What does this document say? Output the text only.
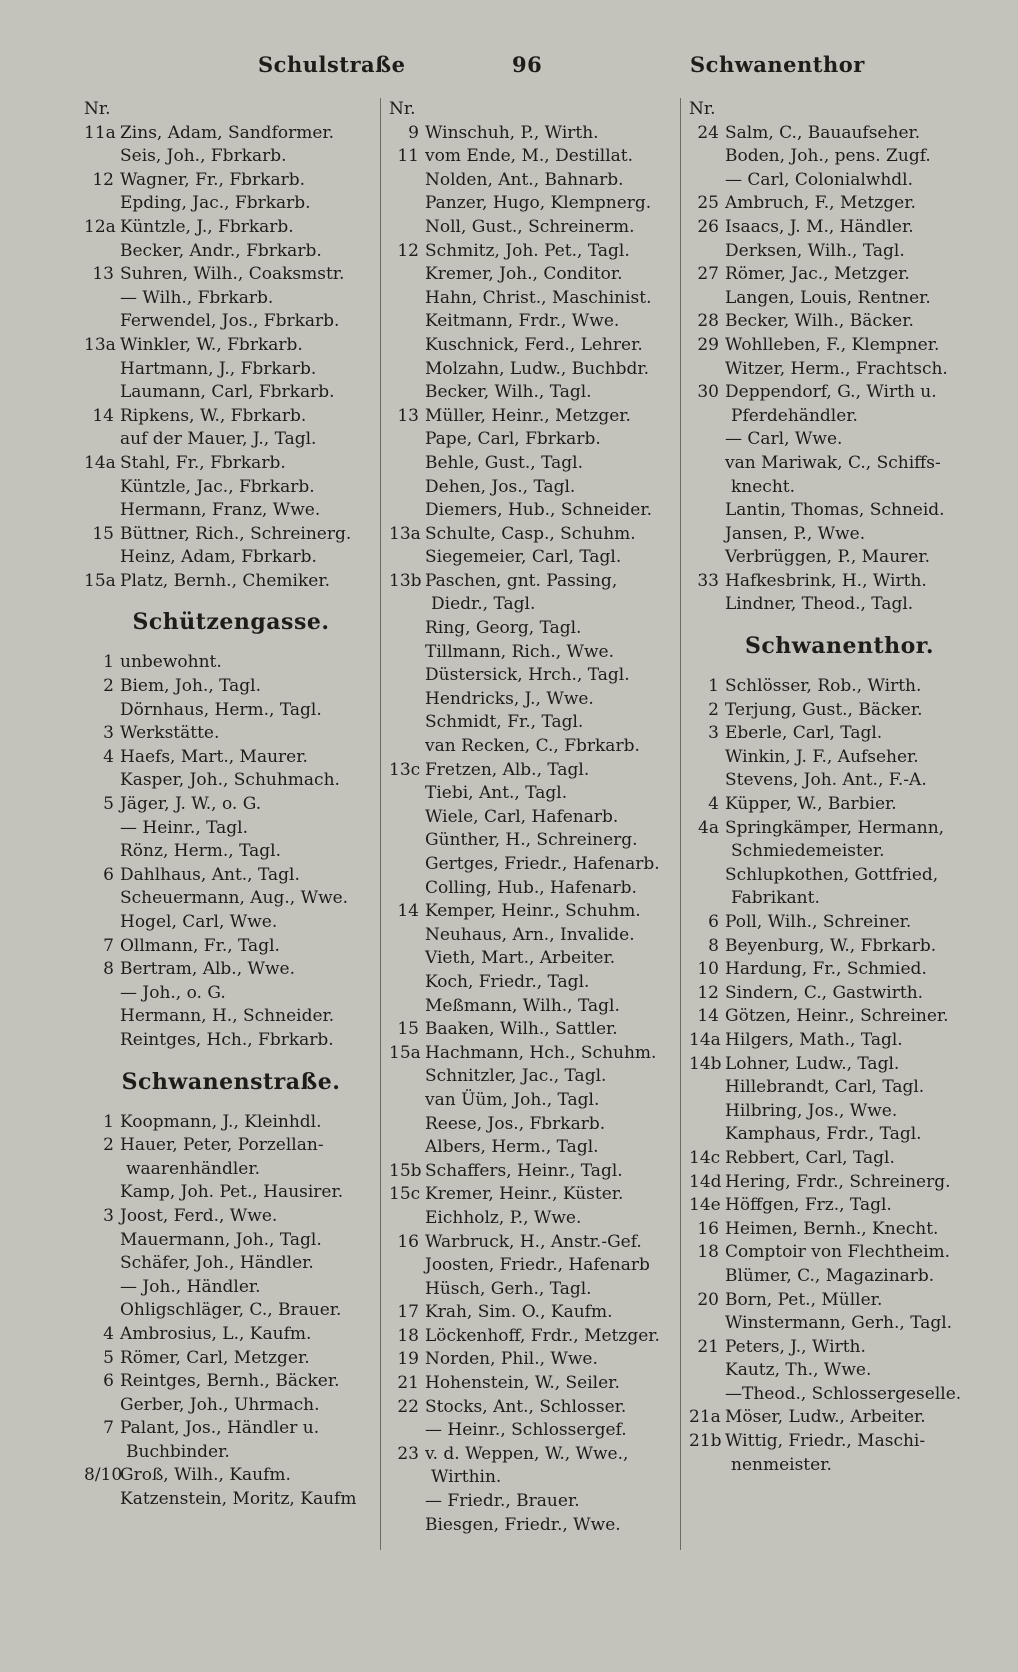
Schulstraße	96	Schwanenthor
Nr.
11a Zins, Adam, Sandformer.
Seis, Joh., Fbrkarb.
12 Wagner, Fr., Fbrkarb.
Epding, Jac., Fbrkarb.
12a Küntzle, J., Fbrkarb.
Becker, Andr., Fbrkarb.
13 Suhren, Wilh., Coaksmstr.
— Wilh., Fbrkarb.
Ferwendel, Jos., Fbrkarb.
13a Winkler, W., Fbrkarb.
Hartmann, J., Fbrkarb.
Laumann, Carl, Fbrkarb.
14 Ripkens, W., Fbrkarb.
auf der Mauer, J., Tagl.
14a Stahl, Fr., Fbrkarb.
Küntzle, Jac., Fbrkarb.
Hermann, Franz, Wwe.
15 Büttner, Rich., Schreinerg.
Heinz, Adam, Fbrkarb.
15a Platz, Bernh., Chemiker.
Schützengasse.
1 unbewohnt.
2 Biem, Joh., Tagl.
Dörnhaus, Herm., Tagl.
3 Werkstätte.
4 Haefs, Mart., Maurer.
Kasper, Joh., Schuhmach.
5 Jäger, J. W., o. G.
— Heinr., Tagl.
Rönz, Herm., Tagl.
6 Dahlhaus, Ant., Tagl.
Scheuermann, Aug., Wwe.
Hogel, Carl, Wwe.
7 Ollmann, Fr., Tagl.
8 Bertram, Alb., Wwe.
— Joh., o. G.
Hermann, H., Schneider.
Reintges, Hch., Fbrkarb.
Schwanenstraße.
1 Koopmann, J., Kleinhdl.
2 Hauer, Peter, Porzellan-
waarenhändler.
Kamp, Joh. Pet., Hausirer.
3 Joost, Ferd., Wwe.
Mauermann, Joh., Tagl.
Schäfer, Joh., Händler.
— Joh., Händler.
Ohligschläger, C., Brauer.
4 Ambrosius, L., Kaufm.
5 Römer, Carl, Metzger.
6 Reintges, Bernh., Bäcker.
Gerber, Joh., Uhrmach.
7 Palant, Jos., Händler u.
Buchbinder.
8/10Groß, Wilh., Kaufm.
Katzenstein, Moritz, Kaufm
Nr.
9 Winschuh, P., Wirth.
11 vom Ende, M., Destillat.
Nolden, Ant., Bahnarb.
Panzer, Hugo, Klempnerg.
Noll, Gust., Schreinerm.
12 Schmitz, Joh. Pet., Tagl.
Kremer, Joh., Conditor.
Hahn, Christ., Maschinist.
Keitmann, Frdr., Wwe.
Kuschnick, Ferd., Lehrer.
Molzahn, Ludw., Buchbdr.
Becker, Wilh., Tagl.
13 Müller, Heinr., Metzger.
Pape, Carl, Fbrkarb.
Behle, Gust., Tagl.
Dehen, Jos., Tagl.
Diemers, Hub., Schneider.
13a Schulte, Casp., Schuhm.
Siegemeier, Carl, Tagl.
13b Paschen, gnt. Passing,
Diedr., Tagl.
Ring, Georg, Tagl.
Tillmann, Rich., Wwe.
Düstersick, Hrch., Tagl.
Hendricks, J., Wwe.
Schmidt, Fr., Tagl.
van Recken, C., Fbrkarb.
13c Fretzen, Alb., Tagl.
Tiebi, Ant., Tagl.
Wiele, Carl, Hafenarb.
Günther, H., Schreinerg.
Gertges, Friedr., Hafenarb.
Colling, Hub., Hafenarb.
14 Kemper, Heinr., Schuhm.
Neuhaus, Arn., Invalide.
Vieth, Mart., Arbeiter.
Koch, Friedr., Tagl.
Meßmann, Wilh., Tagl.
15 Baaken, Wilh., Sattler.
15a Hachmann, Hch., Schuhm.
Schnitzler, Jac., Tagl.
van Üüm, Joh., Tagl.
Reese, Jos., Fbrkarb.
Albers, Herm., Tagl.
15b Schaffers, Heinr., Tagl.
15c Kremer, Heinr., Küster.
Eichholz, P., Wwe.
16 Warbruck, H., Anstr.-Gef.
Joosten, Friedr., Hafenarb
Hüsch, Gerh., Tagl.
17 Krah, Sim. O., Kaufm.
18 Löckenhoff, Frdr., Metzger.
19 Norden, Phil., Wwe.
21 Hohenstein, W., Seiler.
22 Stocks, Ant., Schlosser.
— Heinr., Schlossergef.
23 v. d. Weppen, W., Wwe.,
Wirthin.
— Friedr., Brauer.
Biesgen, Friedr., Wwe.
Nr.
24 Salm, C., Bauaufseher.
Boden, Joh., pens. Zugf.
— Carl, Colonialwhdl.
25 Ambruch, F., Metzger.
26 Isaacs, J. M., Händler.
Derksen, Wilh., Tagl.
27 Römer, Jac., Metzger.
Langen, Louis, Rentner.
28 Becker, Wilh., Bäcker.
29 Wohlleben, F., Klempner.
Witzer, Herm., Frachtsch.
30 Deppendorf, G., Wirth u.
Pferdehändler.
— Carl, Wwe.
van Mariwak, C., Schiffs-
knecht.
Lantin, Thomas, Schneid.
Jansen, P., Wwe.
Verbrüggen, P., Maurer.
33 Hafkesbrink, H., Wirth.
Lindner, Theod., Tagl.
Schwanenthor.
1 Schlösser, Rob., Wirth.
2 Terjung, Gust., Bäcker.
3 Eberle, Carl, Tagl.
Winkin, J. F., Aufseher.
Stevens, Joh. Ant., F.-A.
4 Küpper, W., Barbier.
4a Springkämper, Hermann,
Schmiedemeister.
Schlupkothen, Gottfried,
Fabrikant.
6 Poll, Wilh., Schreiner.
8 Beyenburg, W., Fbrkarb.
10 Hardung, Fr., Schmied.
12 Sindern, C., Gastwirth.
14 Götzen, Heinr., Schreiner.
14a Hilgers, Math., Tagl.
14b Lohner, Ludw., Tagl.
Hillebrandt, Carl, Tagl.
Hilbring, Jos., Wwe.
Kamphaus, Frdr., Tagl.
14c Rebbert, Carl, Tagl.
14d Hering, Frdr., Schreinerg.
14e Höffgen, Frz., Tagl.
16 Heimen, Bernh., Knecht.
18 Comptoir von Flechtheim.
Blümer, C., Magazinarb.
20 Born, Pet., Müller.
Winstermann, Gerh., Tagl.
21 Peters, J., Wirth.
Kautz, Th., Wwe.
—Theod., Schlossergeselle.
21a Möser, Ludw., Arbeiter.
21b Wittig, Friedr., Maschi-
nenmeister.
